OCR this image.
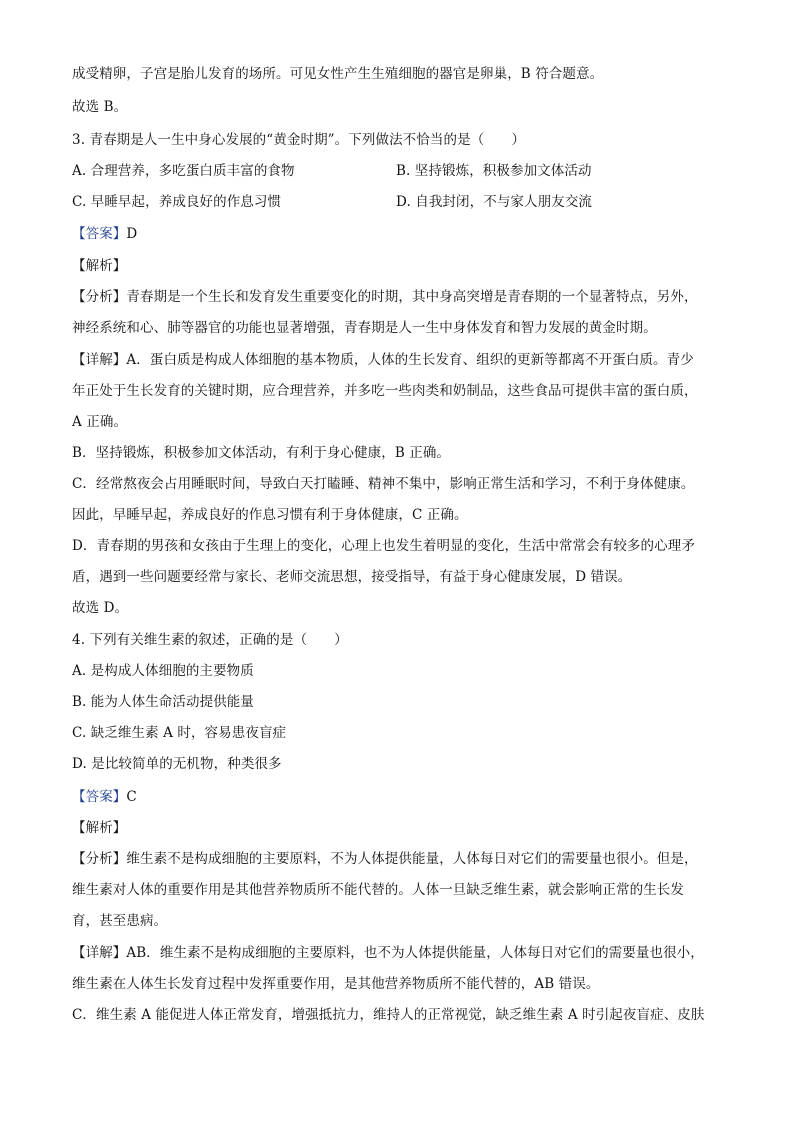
成受精卵，子宫是胎儿发育的场所。可见女性产生生殖细胞的器官是卵巢，B 符合题意。
故选 B。
3. 青春期是人一生中身心发展的“黄金时期”。下列做法不恰当的是（　　）
A. 合理营养，多吃蛋白质丰富的食物	B. 坚持锻炼，积极参加文体活动
C. 早睡早起，养成良好的作息习惯	D. 自我封闭，不与家人朋友交流
【答案】D
【解析】
【分析】青春期是一个生长和发育发生重要变化的时期，其中身高突增是青春期的一个显著特点，另外，
神经系统和心、肺等器官的功能也显著增强，青春期是人一生中身体发育和智力发展的黄金时期。
【详解】A．蛋白质是构成人体细胞的基本物质，人体的生长发育、组织的更新等都离不开蛋白质。青少
年正处于生长发育的关键时期，应合理营养，并多吃一些肉类和奶制品，这些食品可提供丰富的蛋白质，
A 正确。
B．坚持锻炼，积极参加文体活动，有利于身心健康，B 正确。
C．经常熬夜会占用睡眠时间，导致白天打瞌睡、精神不集中，影响正常生活和学习，不利于身体健康。
因此，早睡早起，养成良好的作息习惯有利于身体健康，C 正确。
D．青春期的男孩和女孩由于生理上的变化，心理上也发生着明显的变化，生活中常常会有较多的心理矛
盾，遇到一些问题要经常与家长、老师交流思想，接受指导，有益于身心健康发展，D 错误。
故选 D。
4. 下列有关维生素的叙述，正确的是（　　）
A. 是构成人体细胞的主要物质
B. 能为人体生命活动提供能量
C. 缺乏维生素 A 时，容易患夜盲症
D. 是比较简单的无机物，种类很多
【答案】C
【解析】
【分析】维生素不是构成细胞的主要原料，不为人体提供能量，人体每日对它们的需要量也很小。但是，
维生素对人体的重要作用是其他营养物质所不能代替的。人体一旦缺乏维生素，就会影响正常的生长发
育，甚至患病。
【详解】AB．维生素不是构成细胞的主要原料，也不为人体提供能量，人体每日对它们的需要量也很小，
维生素在人体生长发育过程中发挥重要作用，是其他营养物质所不能代替的，AB 错误。
C．维生素 A 能促进人体正常发育，增强抵抗力，维持人的正常视觉，缺乏维生素 A 时引起夜盲症、皮肤
